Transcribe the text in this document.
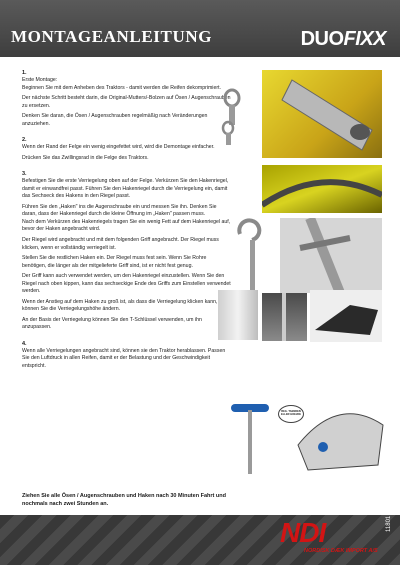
MONTAGEANLEITUNG	DUOFIXX
1.

Erste Montage:
Beginnen Sie mit dem Anheben des Traktors - damit werden die Reifen dekomprimiert.

Der nächste Schritt besteht darin, die Original-Mutters/-Bolzen auf Ösen / Augenschrauben zu ersetzen.

Denken Sie daran, die Ösen / Augenschrauben regelmäßig nach Veränderungen anzuziehen.

2.

Wenn der Rand der Felge ein wenig eingefettet wird, wird die Demontage einfacher.

Drücken Sie das Zwillingsrad in die Felge des Traktors.

3.

Befestigen Sie die erste Verriegelung oben auf der Felge. Verkürzen Sie den Hakenriegel, damit er einwandfrei passt. Führen Sie den Hakenriegel durch die Verriegelung ein, damit das Sechseck des Hakens in den Riegel passt.

Führen Sie den „Haken" ins die Augenschraube ein und messen Sie ihn. Denken Sie daran, dass der Hakenriegel durch die kleine Öffnung im „Haken" passen muss.
Nach dem Verkürzen des Hakenriegels tragen Sie ein wenig Fett auf dem Hakenriegel auf, bevor der Haken angebracht wird.

Der Riegel wird angebracht und mit dem folgenden Griff angebracht. Der Riegel muss klicken, wenn er vollständig verriegelt ist.

Stellen Sie die restlichen Haken ein. Der Riegel muss fest sein. Wenn Sie Rohre benötigen, die länger als der mitgelieferte Griff sind, ist er nicht fest genug.

Der Griff kann auch verwendet werden, um den Hakenriegel einzustellen. Wenn Sie den Riegel nach oben kippen, kann das sechseckige Ende des Griffs zum Einstellen verwendet werden.

Wenn der Anstieg auf dem Haken zu groß ist, als dass die Verriegelung klicken kann, können Sie die Verriegelungshöhe ändern.

An der Basis der Verriegelung können Sie den T-Schlüssel verwenden, um ihn anzupassen.

4.

Wenn alle Verriegelungen angebracht sind, können sie den Traktor herablassen. Passen Sie den Luftdruck in allen Reifen, damit er der Belastung und der Geschwindigkeit entspricht.

Ziehen Sie alle Ösen / Augenschrauben und Haken nach 30 Minuten Fahrt und nochmals nach zwei Stunden an.
REG. TAENDEN ELLER HOEJDE
NDI
NORDISK DÆK IMPORT A/S
11801 15
